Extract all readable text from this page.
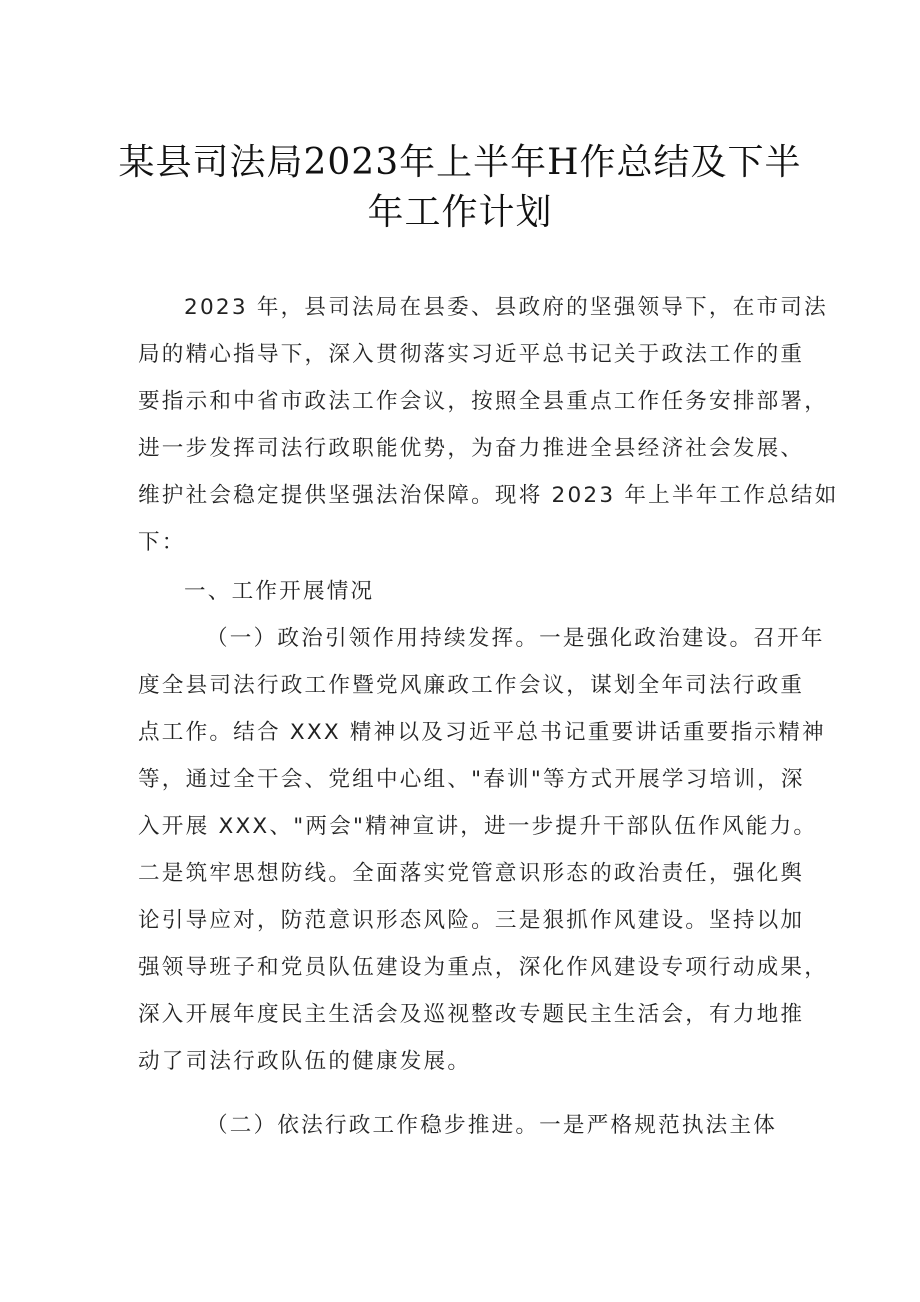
某县司法局2023年上半年H作总结及下半
年工作计划
2023 年，县司法局在县委、县政府的坚强领导下，在市司法
局的精心指导下，深入贯彻落实习近平总书记关于政法工作的重
要指示和中省市政法工作会议，按照全县重点工作任务安排部署，
进一步发挥司法行政职能优势，为奋力推进全县经济社会发展、
维护社会稳定提供坚强法治保障。现将 2023 年上半年工作总结如
下：
一、工作开展情况
（一）政治引领作用持续发挥。一是强化政治建设。召开年
度全县司法行政工作暨党风廉政工作会议，谋划全年司法行政重
点工作。结合 XXX 精神以及习近平总书记重要讲话重要指示精神
等，通过全干会、党组中心组、"春训"等方式开展学习培训，深
入开展 XXX、"两会"精神宣讲，进一步提升干部队伍作风能力。
二是筑牢思想防线。全面落实党管意识形态的政治责任，强化舆
论引导应对，防范意识形态风险。三是狠抓作风建设。坚持以加
强领导班子和党员队伍建设为重点，深化作风建设专项行动成果，
深入开展年度民主生活会及巡视整改专题民主生活会，有力地推
动了司法行政队伍的健康发展。
（二）依法行政工作稳步推进。一是严格规范执法主体
